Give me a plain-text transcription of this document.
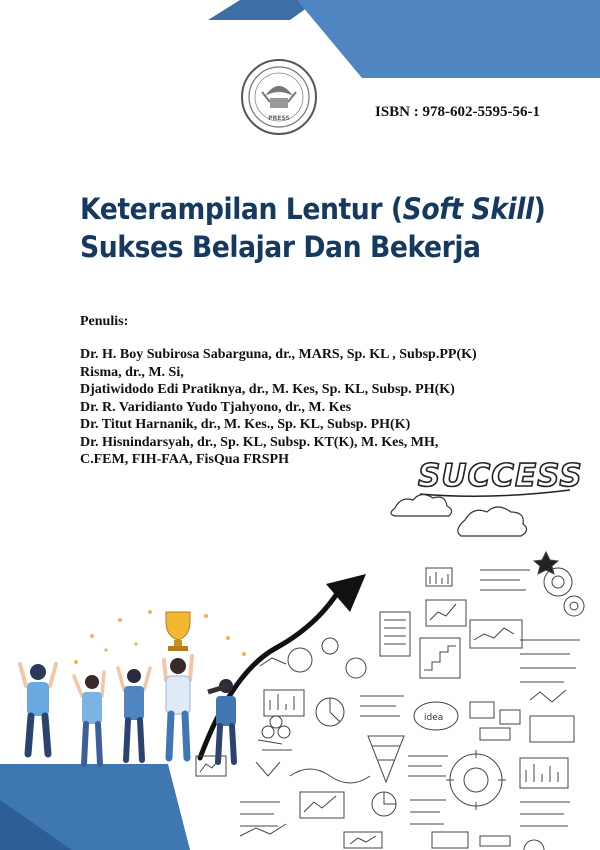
PRESS	ISBN : 978-602-5595-56-1
Keterampilan Lentur (Soft Skill)
Sukses Belajar Dan Bekerja
Penulis:
Dr. H. Boy Subirosa Sabarguna, dr., MARS, Sp. KL , Subsp.PP(K)
Risma, dr., M. Si,
Djatiwidodo Edi Pratiknya, dr., M. Kes, Sp. KL, Subsp. PH(K)
Dr. R. Varidianto Yudo Tjahyono, dr., M. Kes
Dr. Titut Harnanik, dr., M. Kes., Sp. KL, Subsp. PH(K)
Dr. Hisnindarsyah, dr., Sp. KL, Subsp. KT(K), M. Kes, MH,
C.FEM, FIH-FAA, FisQua FRSPH	SUCCESS
idea
